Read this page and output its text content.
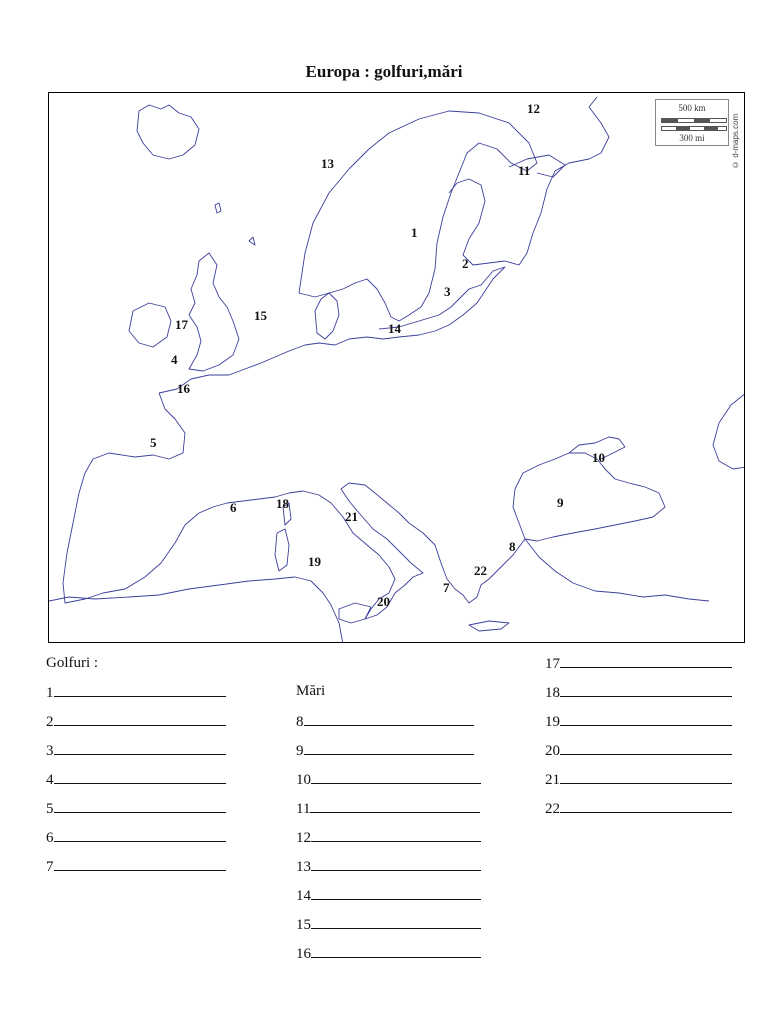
Europa : golfuri,mări
500 km
300 mi	© d-maps.com
1
2
3
4
5
6
7
8
9
10
11
12
13
14
15
16
17
18
19
20
21
22
Golfuri :
1
2
3
4
5
6
7
Mări
8
9
10
11
12
13
14
15
16
17
18
19
20
21
22
